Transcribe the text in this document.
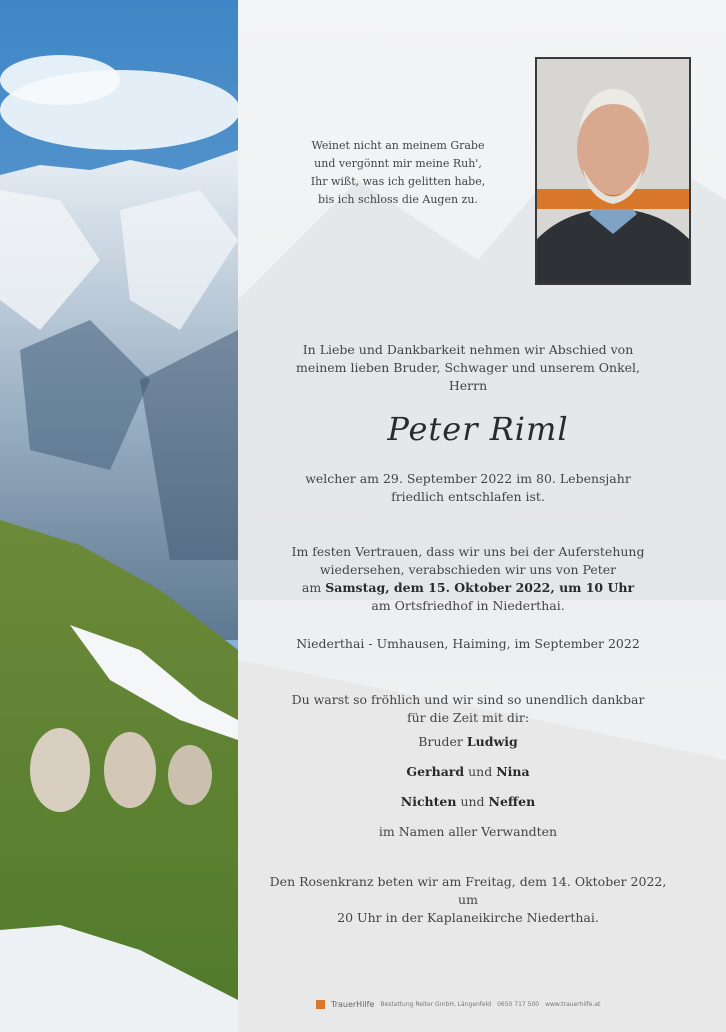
Weinet nicht an meinem Grabe
und vergönnt mir meine Ruh',
Ihr wißt, was ich gelitten habe,
bis ich schloss die Augen zu.
In Liebe und Dankbarkeit nehmen wir Abschied von
meinem lieben Bruder, Schwager und unserem Onkel,
Herrn
Peter Riml
welcher am 29. September 2022 im 80. Lebensjahr
friedlich entschlafen ist.
Im festen Vertrauen, dass wir uns bei der Auferstehung
wiedersehen, verabschieden wir uns von Peter
am Samstag, dem 15. Oktober 2022, um 10 Uhr
am Ortsfriedhof in Niederthai.
Niederthai - Umhausen, Haiming, im September 2022

Du warst so fröhlich und wir sind so unendlich dankbar
für die Zeit mit dir:

Bruder Ludwig

Gerhard und Nina

Nichten und Neffen

im Namen aller Verwandten

Den Rosenkranz beten wir am Freitag, dem 14. Oktober 2022, um
20 Uhr in der Kaplaneikirche Niederthai.
TrauerHilfe Bestattung Reiter GmbH, Längenfeld 0650 717 500 www.trauerhilfe.at
